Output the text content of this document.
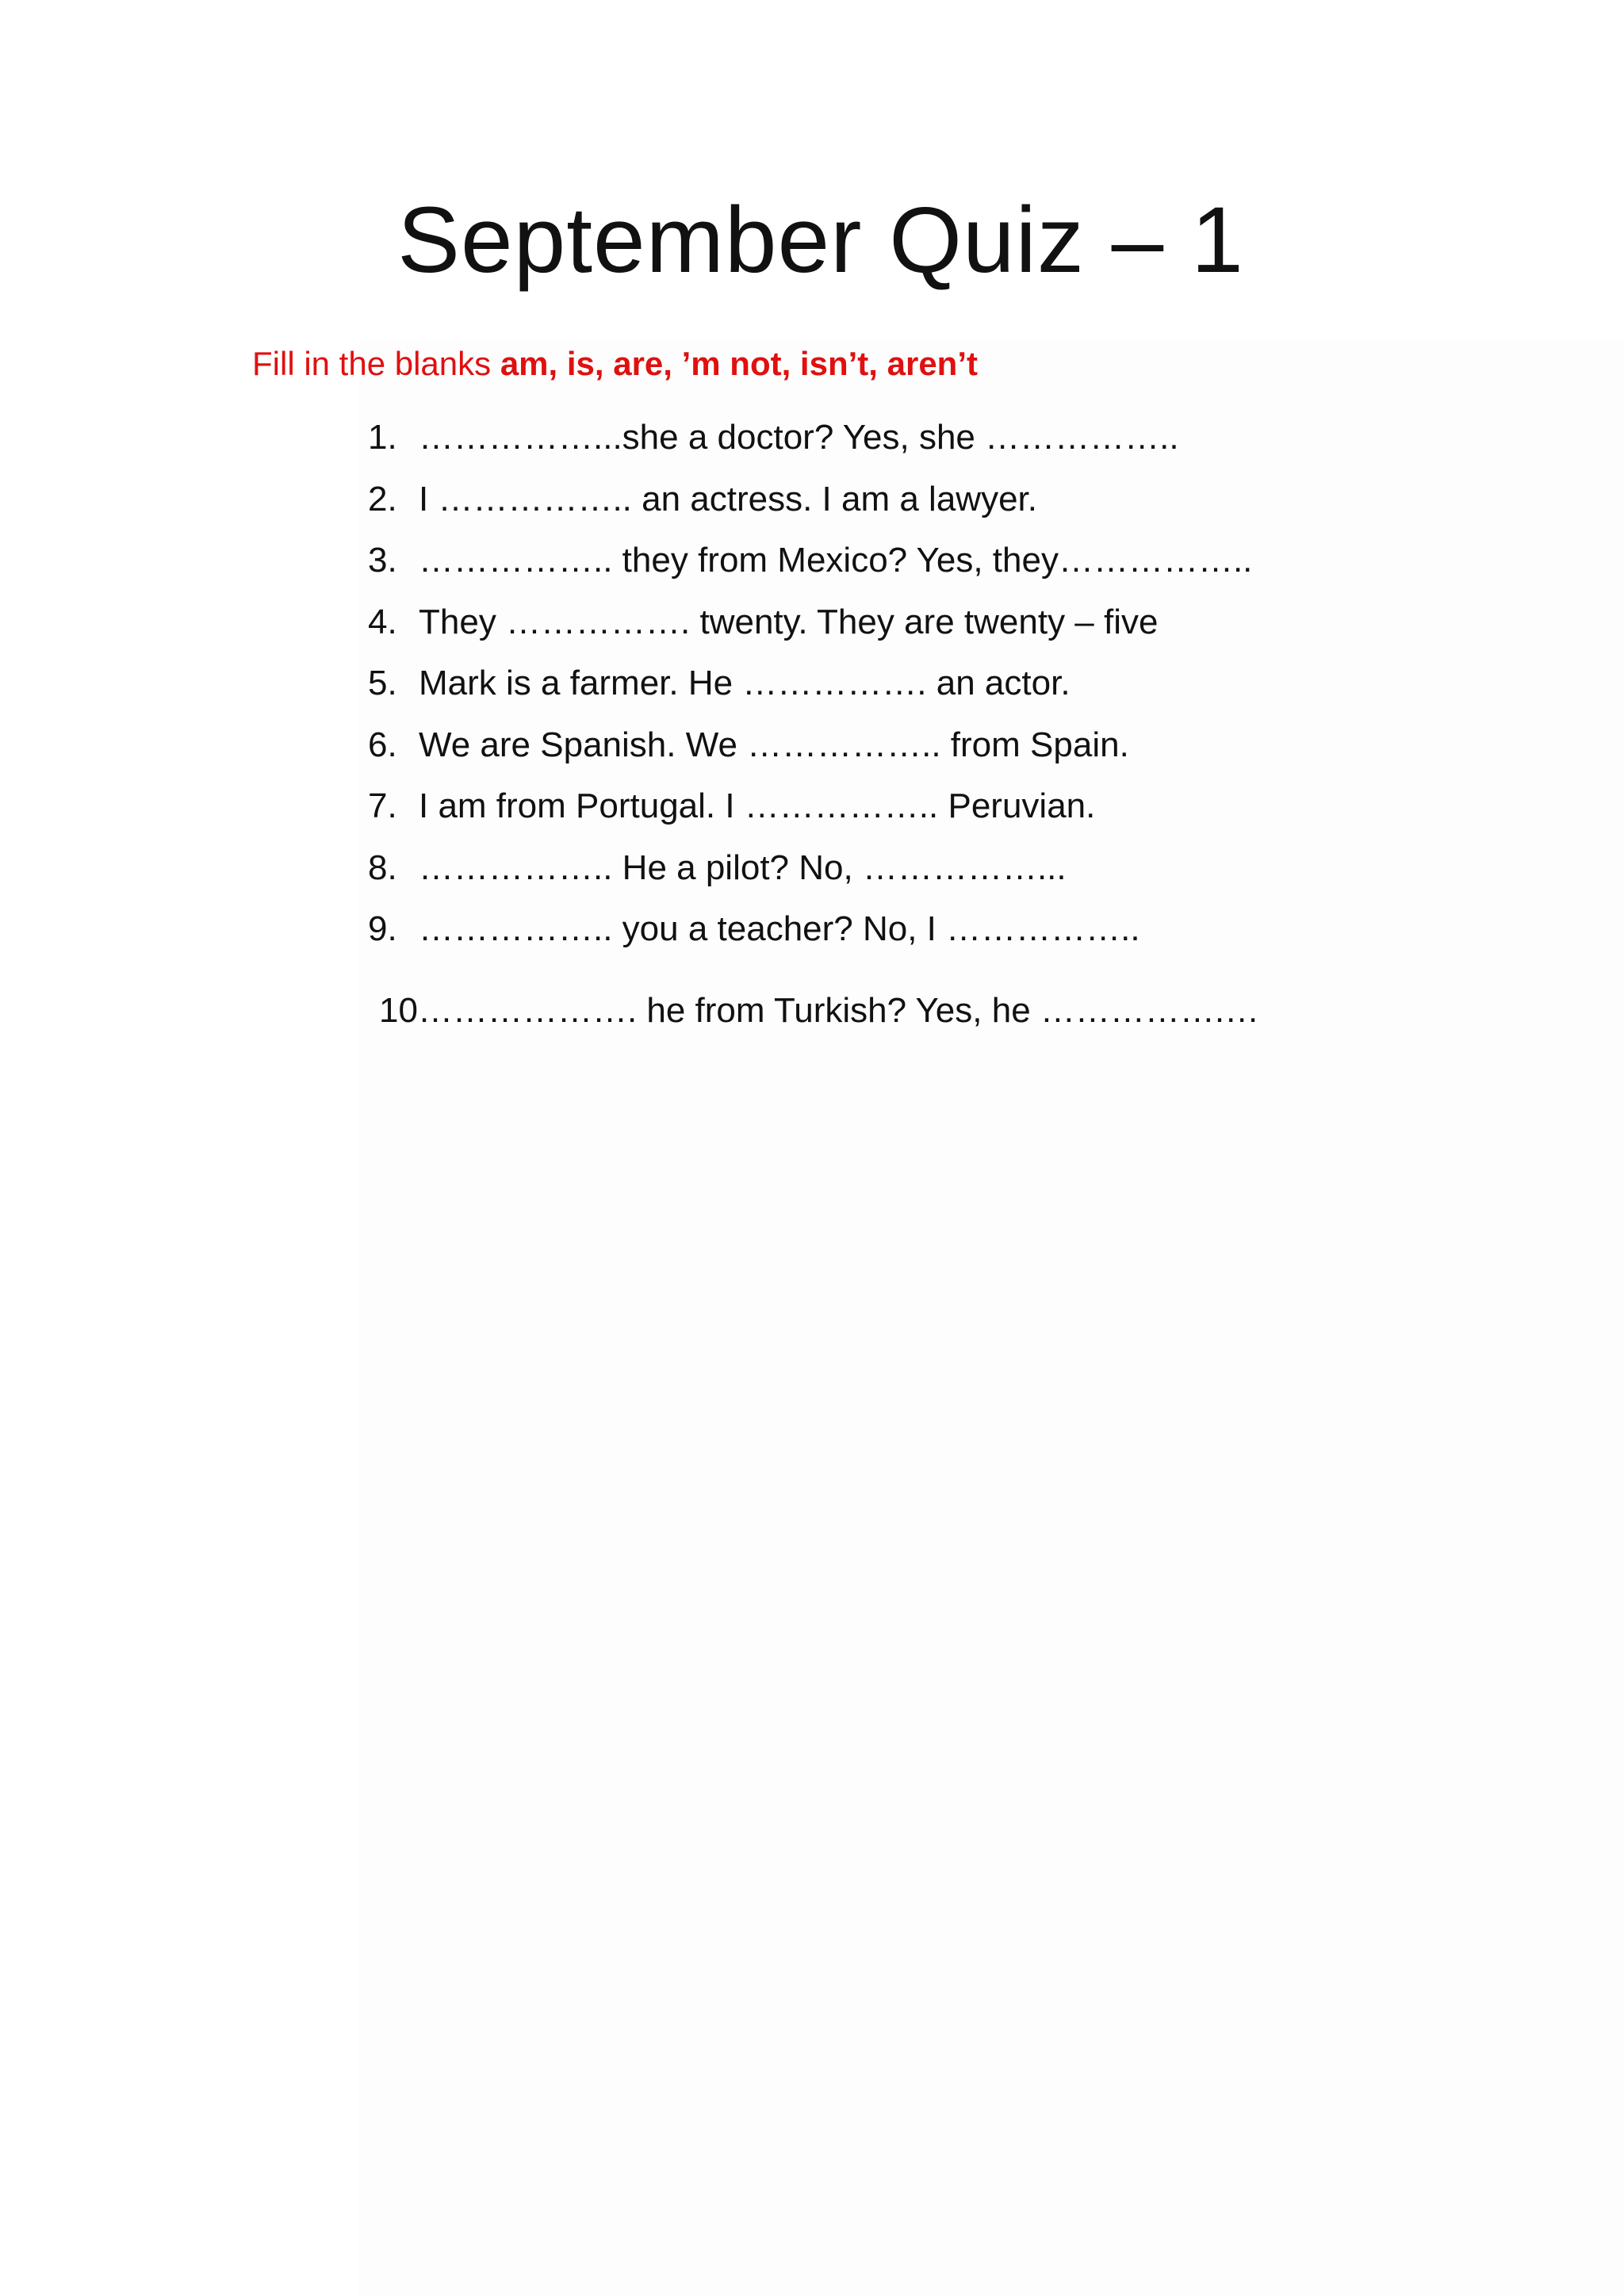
September Quiz – 1
Fill in the blanks am, is, are, ’m not, isn’t, aren’t
1. ……………...she a doctor? Yes, she ……………..
2. I …………….. an actress. I am a lawyer.
3. …………….. they from Mexico? Yes, they……………..
4. They ……………. twenty. They are twenty – five
5. Mark is a farmer. He ……………. an actor.
6. We are Spanish. We …………….. from Spain.
7. I am from Portugal. I …………….. Peruvian.
8. …………….. He a pilot? No, ……………...
9. …………….. you a teacher? No, I ……………..
10………………. he from Turkish? Yes, he …………….…
